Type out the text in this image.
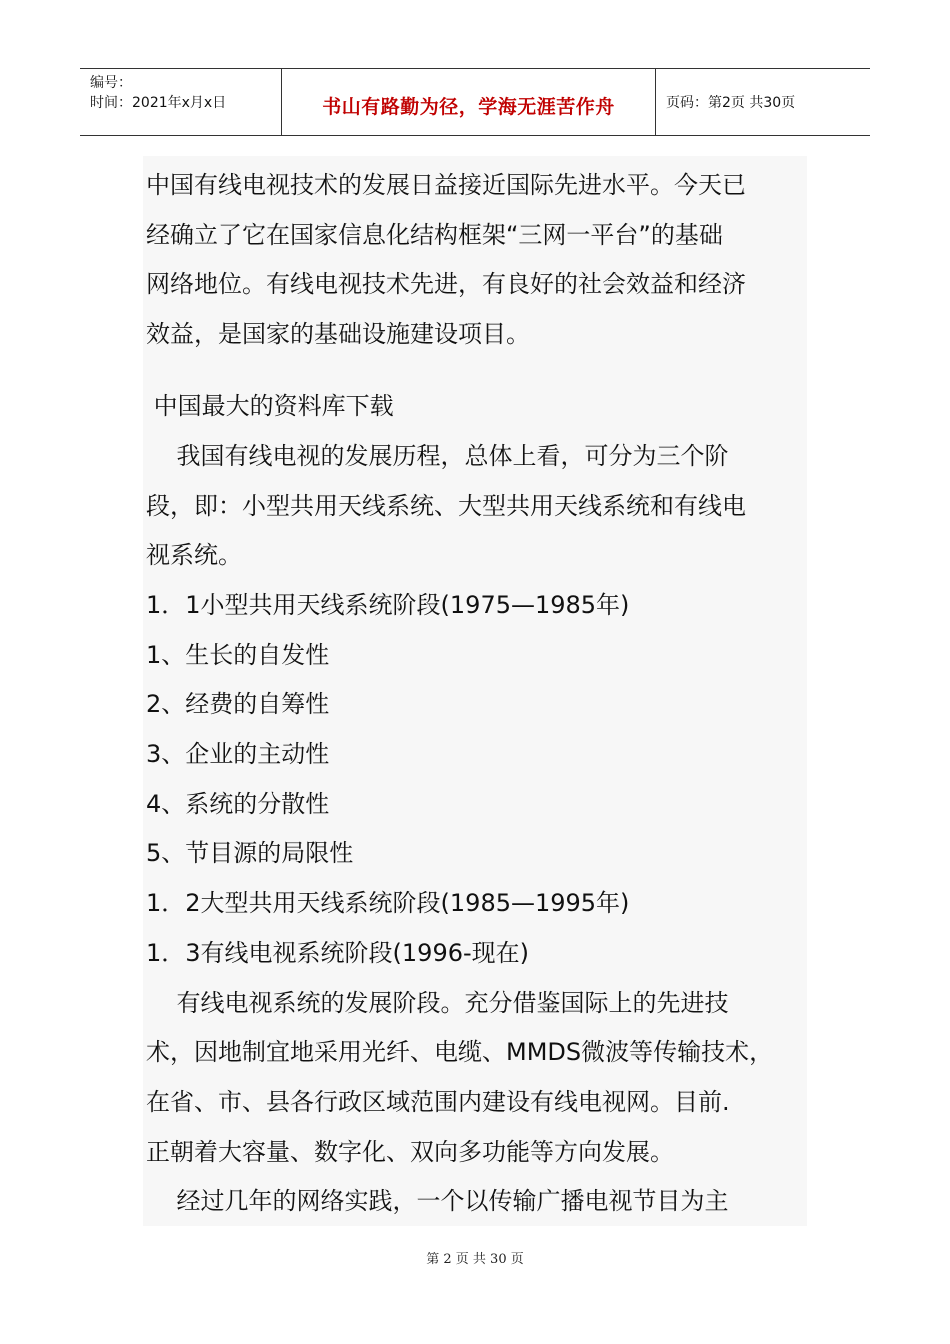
编号：
时间：2021年x月x日	书山有路勤为径，学海无涯苦作舟	页码：第2页 共30页
中国有线电视技术的发展日益接近国际先进水平。今天已
经确立了它在国家信息化结构框架“三网一平台”的基础
网络地位。有线电视技术先进，有良好的社会效益和经济
效益，是国家的基础设施建设项目。
中国最大的资料库下载
我国有线电视的发展历程，总体上看，可分为三个阶
段，即：小型共用天线系统、大型共用天线系统和有线电
视系统。
1．1小型共用天线系统阶段(1975—1985年)
1、生长的自发性
2、经费的自筹性
3、企业的主动性
4、系统的分散性
5、节目源的局限性
1．2大型共用天线系统阶段(1985—1995年)
1．3有线电视系统阶段(1996-现在)
有线电视系统的发展阶段。充分借鉴国际上的先进技
术，因地制宜地采用光纤、电缆、MMDS微波等传输技术，
在省、市、县各行政区域范围内建设有线电视网。目前.
正朝着大容量、数字化、双向多功能等方向发展。
经过几年的网络实践，一个以传输广播电视节目为主
第 2 页 共 30 页
